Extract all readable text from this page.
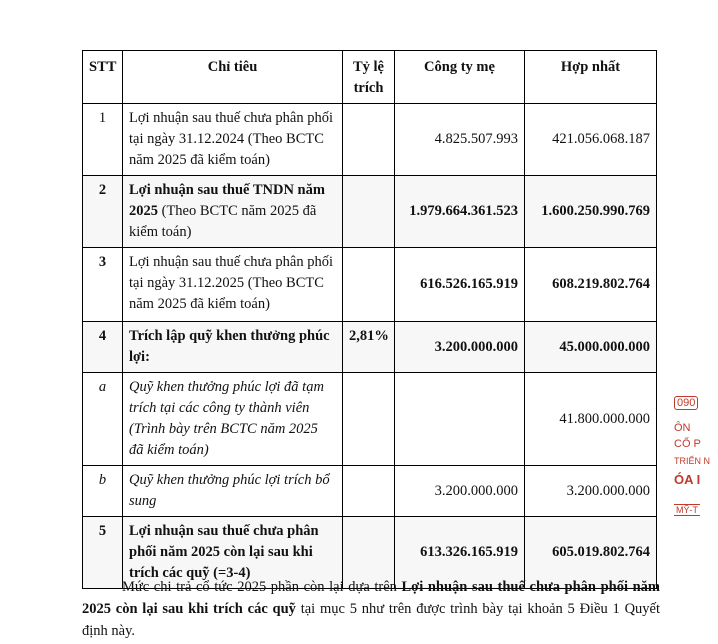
STT	Chỉ tiêu	Tỷ lệ trích	Công ty mẹ	Hợp nhất
1	Lợi nhuận sau thuế chưa phân phối tại ngày 31.12.2024 (Theo BCTC năm 2025 đã kiểm toán)		4.825.507.993	421.056.068.187
2	Lợi nhuận sau thuế TNDN năm 2025 (Theo BCTC năm 2025 đã kiểm toán)		1.979.664.361.523	1.600.250.990.769
3	Lợi nhuận sau thuế chưa phân phối tại ngày 31.12.2025 (Theo BCTC năm 2025 đã kiểm toán)		616.526.165.919	608.219.802.764
4	Trích lập quỹ khen thưởng phúc lợi:	2,81%	3.200.000.000	45.000.000.000
a	Quỹ khen thưởng phúc lợi đã tạm trích tại các công ty thành viên (Trình bày trên BCTC năm 2025 đã kiểm toán)			41.800.000.000
b	Quỹ khen thưởng phúc lợi trích bổ sung		3.200.000.000	3.200.000.000
5	Lợi nhuận sau thuế chưa phân phối năm 2025 còn lại sau khi trích các quỹ (=3-4)		613.326.165.919	605.019.802.764

Mức chi trả cổ tức 2025 phần còn lại dựa trên Lợi nhuận sau thuế chưa phân phối năm 2025 còn lại sau khi trích các quỹ tại mục 5 như trên được trình bày tại khoản 5 Điều 1 Quyết định này.

090
ÔN
CỔ P
TRIỂN N
ÓA I
MỸ-T
